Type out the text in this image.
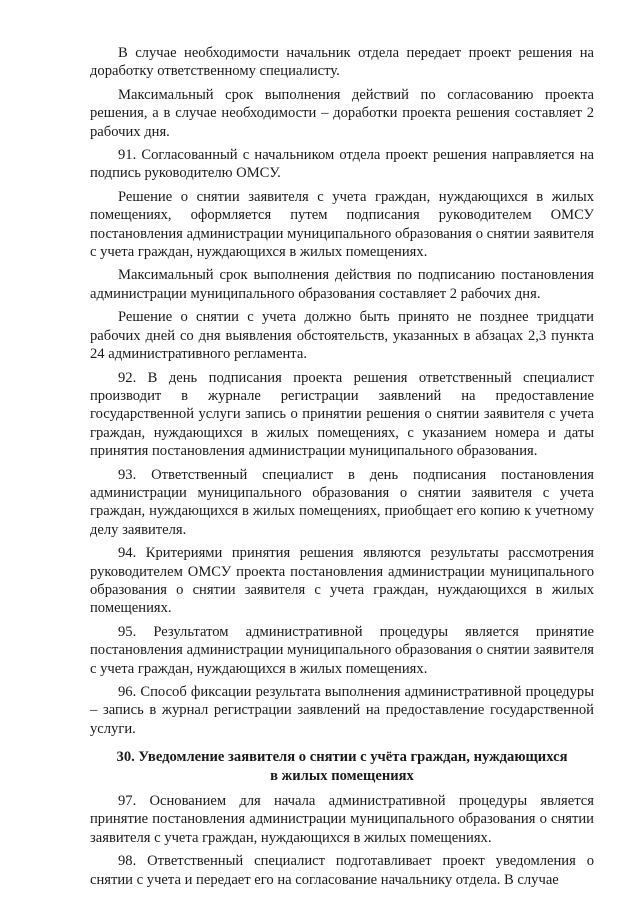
В случае необходимости начальник отдела передает проект решения на доработку ответственному специалисту.

Максимальный срок выполнения действий по согласованию проекта решения, а в случае необходимости – доработки проекта решения составляет 2 рабочих дня.

91. Согласованный с начальником отдела проект решения направляется на подпись руководителю ОМСУ.

Решение о снятии заявителя с учета граждан, нуждающихся в жилых помещениях, оформляется путем подписания руководителем ОМСУ постановления администрации муниципального образования о снятии заявителя с учета граждан, нуждающихся в жилых помещениях.

Максимальный срок выполнения действия по подписанию постановления администрации муниципального образования составляет 2 рабочих дня.

Решение о снятии с учета должно быть принято не позднее тридцати рабочих дней со дня выявления обстоятельств, указанных в абзацах 2,3 пункта 24 административного регламента.

92. В день подписания проекта решения ответственный специалист производит в журнале регистрации заявлений на предоставление государственной услуги запись о принятии решения о снятии заявителя с учета граждан, нуждающихся в жилых помещениях, с указанием номера и даты принятия постановления администрации муниципального образования.

93. Ответственный специалист в день подписания постановления администрации муниципального образования о снятии заявителя с учета граждан, нуждающихся в жилых помещениях, приобщает его копию к учетному делу заявителя.

94. Критериями принятия решения являются результаты рассмотрения руководителем ОМСУ проекта постановления администрации муниципального образования о снятии заявителя с учета граждан, нуждающихся в жилых помещениях.

95. Результатом административной процедуры является принятие постановления администрации муниципального образования о снятии заявителя с учета граждан, нуждающихся в жилых помещениях.

96. Способ фиксации результата выполнения административной процедуры – запись в журнал регистрации заявлений на предоставление государственной услуги.

30. Уведомление заявителя о снятии с учёта граждан, нуждающихся
в жилых помещениях

97. Основанием для начала административной процедуры является принятие постановления администрации муниципального образования о снятии заявителя с учета граждан, нуждающихся в жилых помещениях.

98. Ответственный специалист подготавливает проект уведомления о снятии с учета и передает его на согласование начальнику отдела. В случае
